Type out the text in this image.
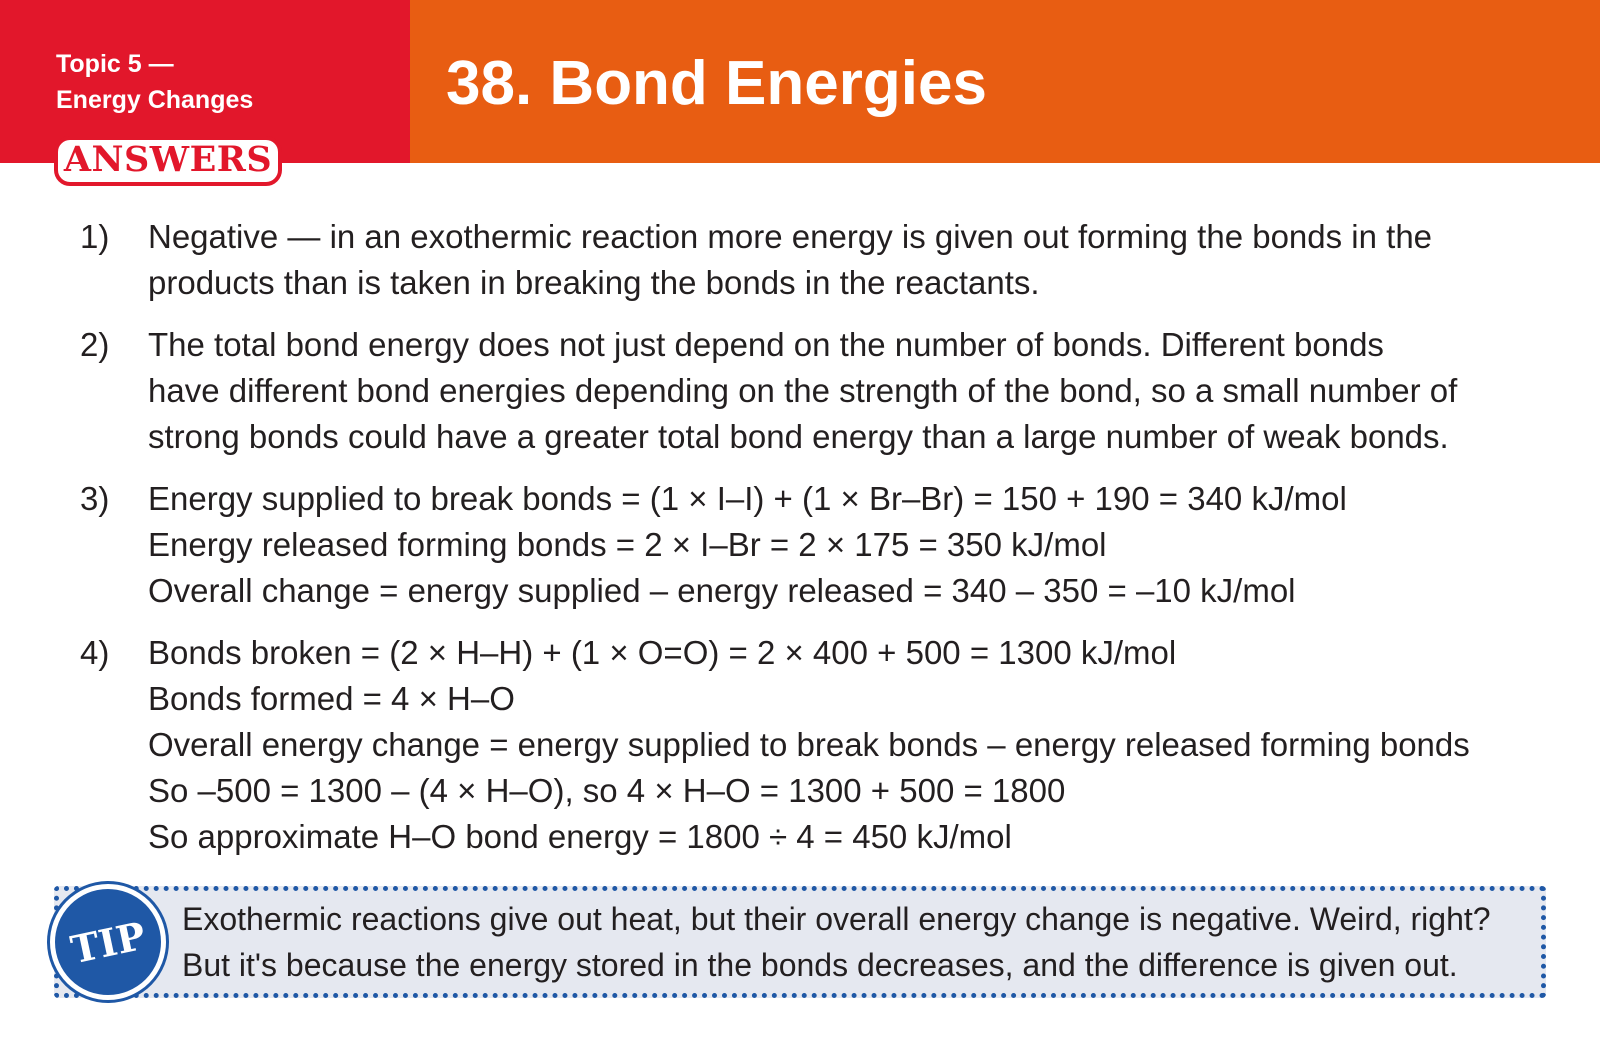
Topic 5 —
Energy Changes	38. Bond Energies
ANSWERS
1)	Negative — in an exothermic reaction more energy is given out forming the bonds in the
products than is taken in breaking the bonds in the reactants.
2)	The total bond energy does not just depend on the number of bonds. Different bonds
have different bond energies depending on the strength of the bond, so a small number of
strong bonds could have a greater total bond energy than a large number of weak bonds.
3)	Energy supplied to break bonds = (1 × I–I) + (1 × Br–Br) = 150 + 190 = 340 kJ/mol
Energy released forming bonds = 2 × I–Br = 2 × 175 = 350 kJ/mol
Overall change = energy supplied – energy released = 340 – 350 = –10 kJ/mol
4)	Bonds broken = (2 × H–H) + (1 × O=O) = 2 × 400 + 500 = 1300 kJ/mol
Bonds formed = 4 × H–O
Overall energy change = energy supplied to break bonds – energy released forming bonds
So –500 = 1300 – (4 × H–O), so 4 × H–O = 1300 + 500 = 1800
So approximate H–O bond energy = 1800 ÷ 4 = 450 kJ/mol
TIP	Exothermic reactions give out heat, but their overall energy change is negative. Weird, right?
But it's because the energy stored in the bonds decreases, and the difference is given out.
